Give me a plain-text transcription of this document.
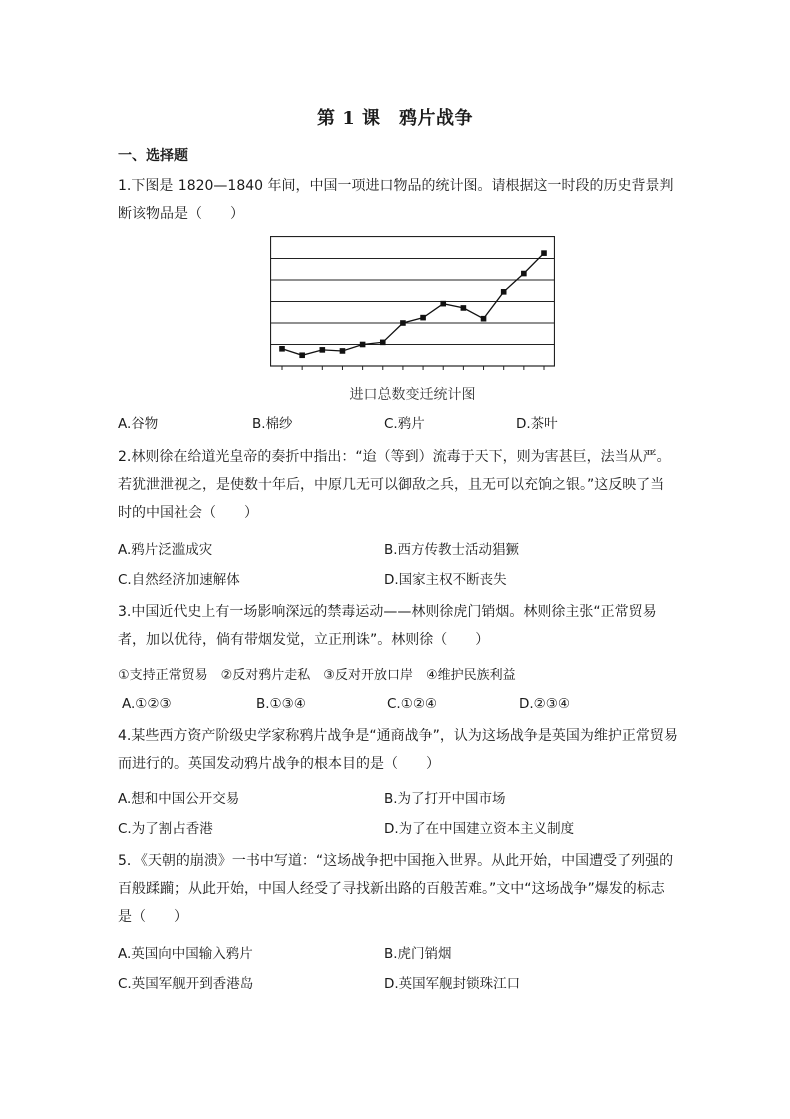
第 1 课　鸦片战争
一、选择题

1.下图是 1820—1840 年间，中国一项进口物品的统计图。请根据这一时段的历史背景判断该物品是（　　）

进口总数变迁统计图
A.谷物	B.棉纱	C.鸦片	D.茶叶

2.林则徐在给道光皇帝的奏折中指出：“迨（等到）流毒于天下，则为害甚巨，法当从严。若犹泄泄视之，是使数十年后，中原几无可以御敌之兵，且无可以充饷之银。”这反映了当时的中国社会（　　）

A.鸦片泛滥成灾	B.西方传教士活动猖獗
C.自然经济加速解体	D.国家主权不断丧失

3.中国近代史上有一场影响深远的禁毒运动——林则徐虎门销烟。林则徐主张“正常贸易者，加以优待，倘有带烟发觉，立正刑诛”。林则徐（　　）

①支持正常贸易　②反对鸦片走私　③反对开放口岸　④维护民族利益
A.①②③	B.①③④	C.①②④	D.②③④

4.某些西方资产阶级史学家称鸦片战争是“通商战争”，认为这场战争是英国为维护正常贸易而进行的。英国发动鸦片战争的根本目的是（　　）

A.想和中国公开交易	B.为了打开中国市场
C.为了割占香港	D.为了在中国建立资本主义制度

5．《天朝的崩溃》一书中写道：“这场战争把中国拖入世界。从此开始，中国遭受了列强的百般蹂躏；从此开始，中国人经受了寻找新出路的百般苦难。”文中“这场战争”爆发的标志是（　　）

A.英国向中国输入鸦片	B.虎门销烟
C.英国军舰开到香港岛	D.英国军舰封锁珠江口
